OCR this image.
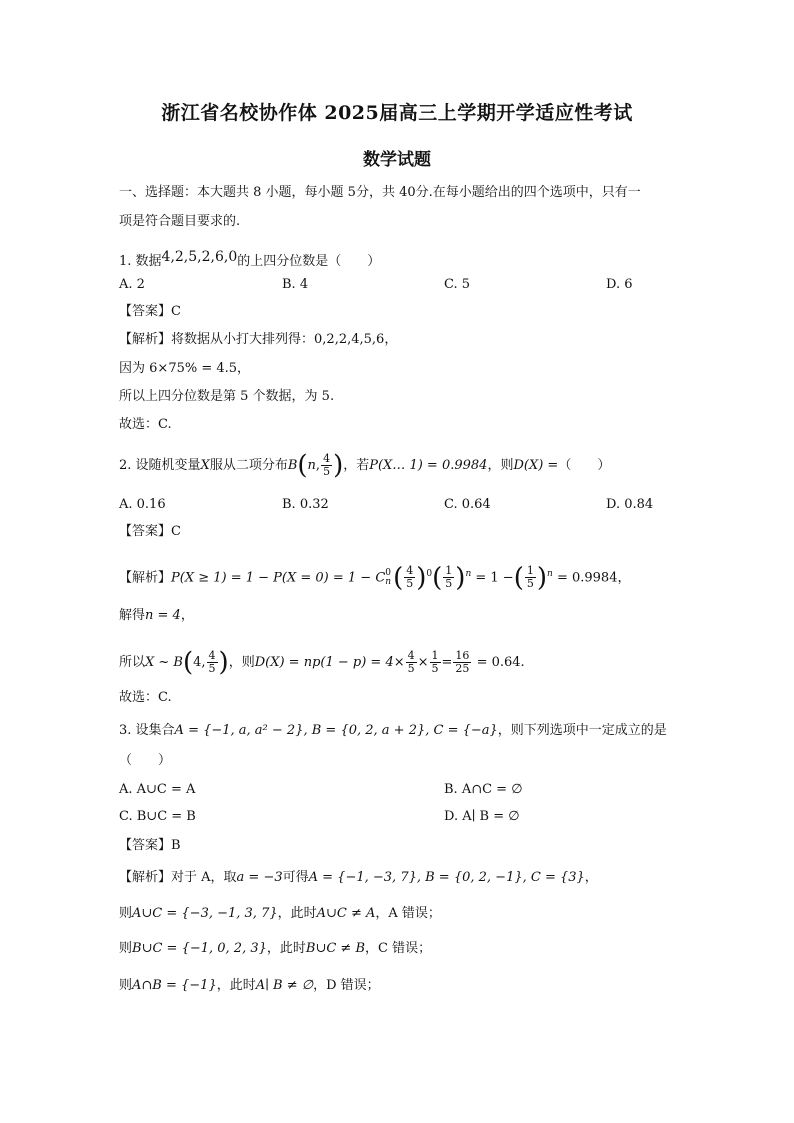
浙江省名校协作体 2025届高三上学期开学适应性考试
数学试题
一、选择题：本大题共 8 小题，每小题 5分，共 40分.在每小题给出的四个选项中，只有一
项是符合题目要求的.
1. 数据4,2,5,2,6,0的上四分位数是（　　）
A. 2	B. 4	C. 5	D. 6
【答案】C
【解析】将数据从小打大排列得：0,2,2,4,5,6，
因为 6×75% = 4.5，
所以上四分位数是第 5 个数据，为 5.
故选：C.
2. 设随机变量X服从二项分布B(n, $\frac{4}{5}$ )，若P(X… 1) = 0.9984，则D(X) =（　　）
A. 0.16	B. 0.32	C. 0.64	D. 0.84
【答案】C
【解析】P(X ≥ 1) = 1 − P(X = 0) = 1 − C 0
n ( $\frac{4}{5} )^0( \frac{1}{5} )^n = 1$ −( $\frac{1}{5} )^n = 0.9984$，
解得n = 4，
所以X ~ B(4, $\frac{4}{5}$ )，则$D(X) = np(1 - p) = 4\times \frac{4}{5} \times \frac{1}{5} = \frac{16}{25} = 0.64$.
故选：C.
3. 设集合A = {−1, a, a² − 2}, B = {0, 2, a + 2}, C = {−a}，则下列选项中一定成立的是
（　　）
A. A∪C = A	B. A∩C = ∅
C. B∪C = B	D. A∣ B = ∅
【答案】B
【解析】对于 A，取a = −3可得A = {−1, −3, 7}, B = {0, 2, −1}, C = {3}，
则A∪C = {−3, −1, 3, 7}，此时A∪C ≠ A，A 错误；
则B∪C = {−1, 0, 2, 3}，此时B∪C ≠ B，C 错误；
则A∩B = {−1}，此时A∣ B ≠ ∅，D 错误；
